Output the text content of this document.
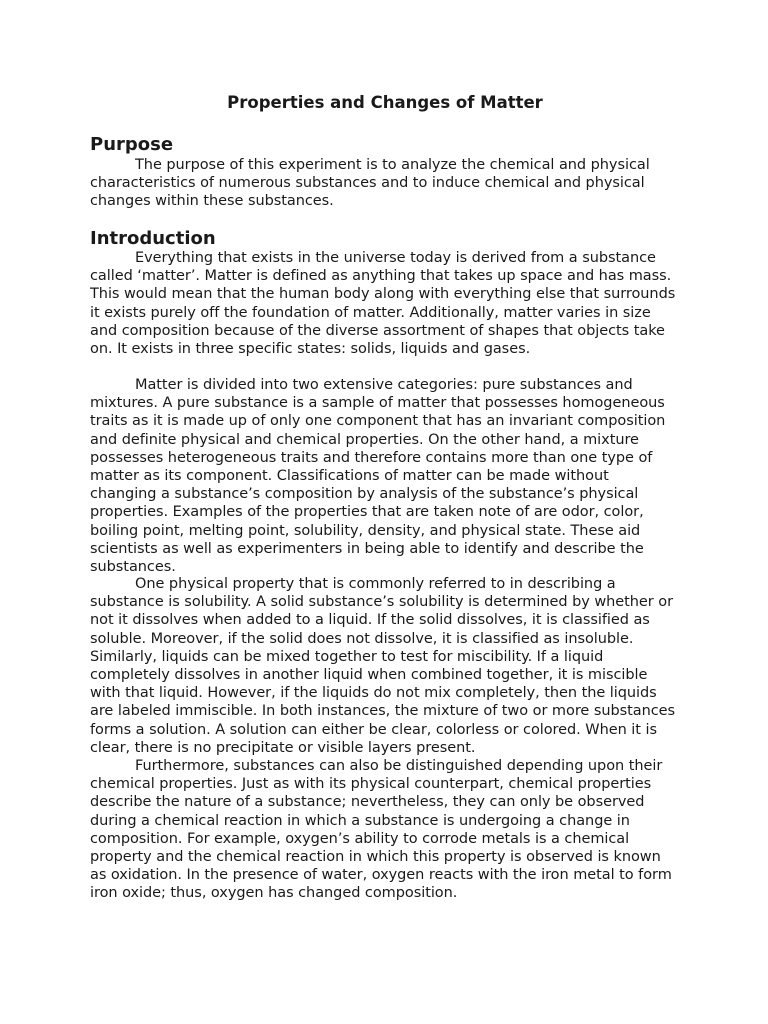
Properties and Changes of Matter
Purpose

The purpose of this experiment is to analyze the chemical and physical characteristics of numerous substances and to induce chemical and physical changes within these substances.

Introduction

Everything that exists in the universe today is derived from a substance called ‘matter’. Matter is defined as anything that takes up space and has mass. This would mean that the human body along with everything else that surrounds it exists purely off the foundation of matter. Additionally, matter varies in size and composition because of the diverse assortment of shapes that objects take on. It exists in three specific states: solids, liquids and gases.

Matter is divided into two extensive categories: pure substances and mixtures. A pure substance is a sample of matter that possesses homogeneous traits as it is made up of only one component that has an invariant composition and definite physical and chemical properties. On the other hand, a mixture possesses heterogeneous traits and therefore contains more than one type of matter as its component. Classifications of matter can be made without changing a substance’s composition by analysis of the substance’s physical properties. Examples of the properties that are taken note of are odor, color, boiling point, melting point, solubility, density, and physical state. These aid scientists as well as experimenters in being able to identify and describe the substances.

One physical property that is commonly referred to in describing a substance is solubility. A solid substance’s solubility is determined by whether or not it dissolves when added to a liquid. If the solid dissolves, it is classified as soluble. Moreover, if the solid does not dissolve, it is classified as insoluble. Similarly, liquids can be mixed together to test for miscibility. If a liquid completely dissolves in another liquid when combined together, it is miscible with that liquid. However, if the liquids do not mix completely, then the liquids are labeled immiscible. In both instances, the mixture of two or more substances forms a solution. A solution can either be clear, colorless or colored. When it is clear, there is no precipitate or visible layers present.

Furthermore, substances can also be distinguished depending upon their chemical properties. Just as with its physical counterpart, chemical properties describe the nature of a substance; nevertheless, they can only be observed during a chemical reaction in which a substance is undergoing a change in composition. For example, oxygen’s ability to corrode metals is a chemical property and the chemical reaction in which this property is observed is known as oxidation. In the presence of water, oxygen reacts with the iron metal to form iron oxide; thus, oxygen has changed composition.
